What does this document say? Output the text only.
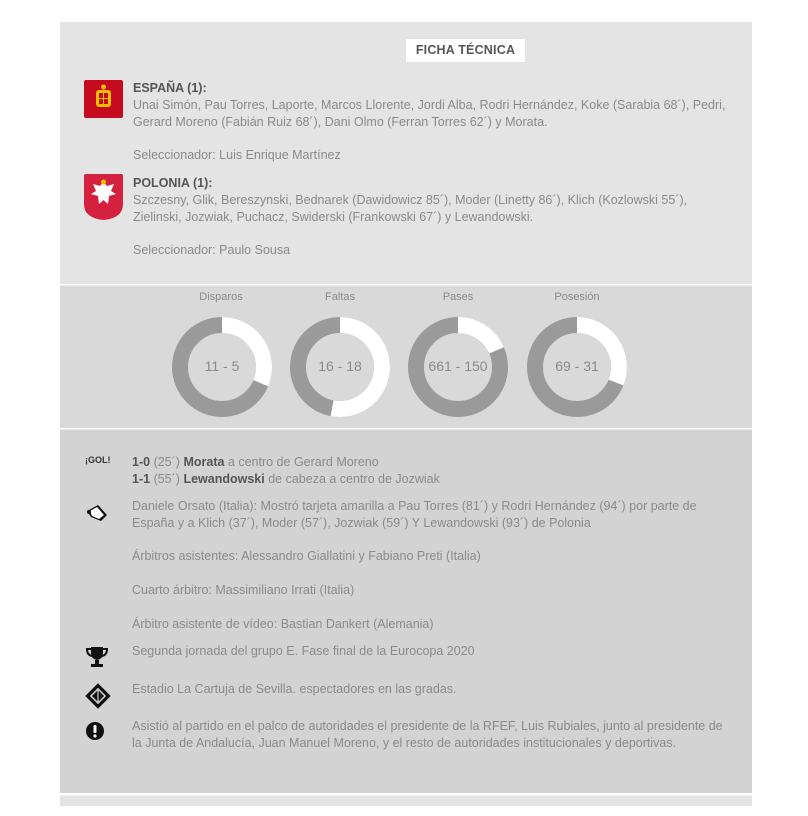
FICHA TÉCNICA
ESPAÑA (1):
Unai Simón, Pau Torres, Laporte, Marcos Llorente, Jordi Alba, Rodri Hernández, Koke (Sarabia 68´), Pedri, Gerard Moreno (Fabián Ruiz 68´), Dani Olmo (Ferran Torres 62´) y Morata.
Seleccionador: Luis Enrique Martínez
POLONIA (1):
Szczesny, Glik, Bereszynski, Bednarek (Dawidowicz 85´), Moder (Linetty 86´), Klich (Kozlowski 55´), Zielinski, Jozwiak, Puchacz, Swiderski (Frankowski 67´) y Lewandowski.
Seleccionador: Paulo Sousa
Disparos	Faltas	Pases	Posesión
11 - 5	16 - 18	661 - 150	69 - 31
¡GOL! 1-0 (25´) Morata a centro de Gerard Moreno
1-1 (55´) Lewandowski de cabeza a centro de Jozwiak
Daniele Orsato (Italia): Mostró tarjeta amarilla a Pau Torres (81´) y Rodri Hernández (94´) por parte de España y a Klich (37´), Moder (57´), Jozwiak (59´) Y Lewandowski (93´) de Polonia
Árbitros asistentes: Alessandro Giallatini y Fabiano Preti (Italia)
Cuarto árbitro: Massimiliano Irrati (Italia)
Árbitro asistente de vídeo: Bastian Dankert (Alemania)
Segunda jornada del grupo E. Fase final de la Eurocopa 2020
Estadio La Cartuja de Sevilla. espectadores en las gradas.
Asistió al partido en el palco de autoridades el presidente de la RFEF, Luis Rubiales, junto al presidente de la Junta de Andalucía, Juan Manuel Moreno, y el resto de autoridades institucionales y deportivas.
